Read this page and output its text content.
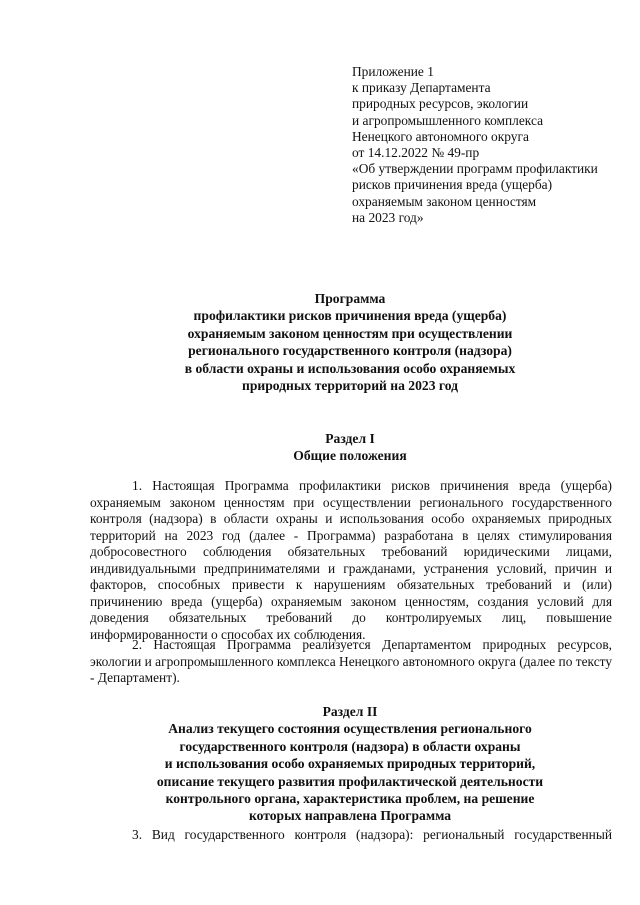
Приложение 1
к приказу Департамента
природных ресурсов, экологии
и агропромышленного комплекса
Ненецкого автономного округа
от 14.12.2022 № 49-пр
«Об утверждении программ профилактики
рисков причинения вреда (ущерба)
охраняемым законом ценностям
на 2023 год»
Программа
профилактики рисков причинения вреда (ущерба)
охраняемым законом ценностям при осуществлении
регионального государственного контроля (надзора)
в области охраны и использования особо охраняемых
природных территорий на 2023 год
Раздел I
Общие положения

1. Настоящая Программа профилактики рисков причинения вреда (ущерба) охраняемым законом ценностям при осуществлении регионального государственного контроля (надзора) в области охраны и использования особо охраняемых природных территорий на 2023 год (далее - Программа) разработана в целях стимулирования добросовестного соблюдения обязательных требований юридическими лицами, индивидуальными предпринимателями и гражданами, устранения условий, причин и факторов, способных привести к нарушениям обязательных требований и (или) причинению вреда (ущерба) охраняемым законом ценностям, создания условий для доведения обязательных требований до контролируемых лиц, повышение информированности о способах их соблюдения.

2. Настоящая Программа реализуется Департаментом природных ресурсов, экологии и агропромышленного комплекса Ненецкого автономного округа (далее по тексту - Департамент).

Раздел II
Анализ текущего состояния осуществления регионального
государственного контроля (надзора) в области охраны
и использования особо охраняемых природных территорий,
описание текущего развития профилактической деятельности
контрольного органа, характеристика проблем, на решение
которых направлена Программа

3. Вид государственного контроля (надзора): региональный государственный
